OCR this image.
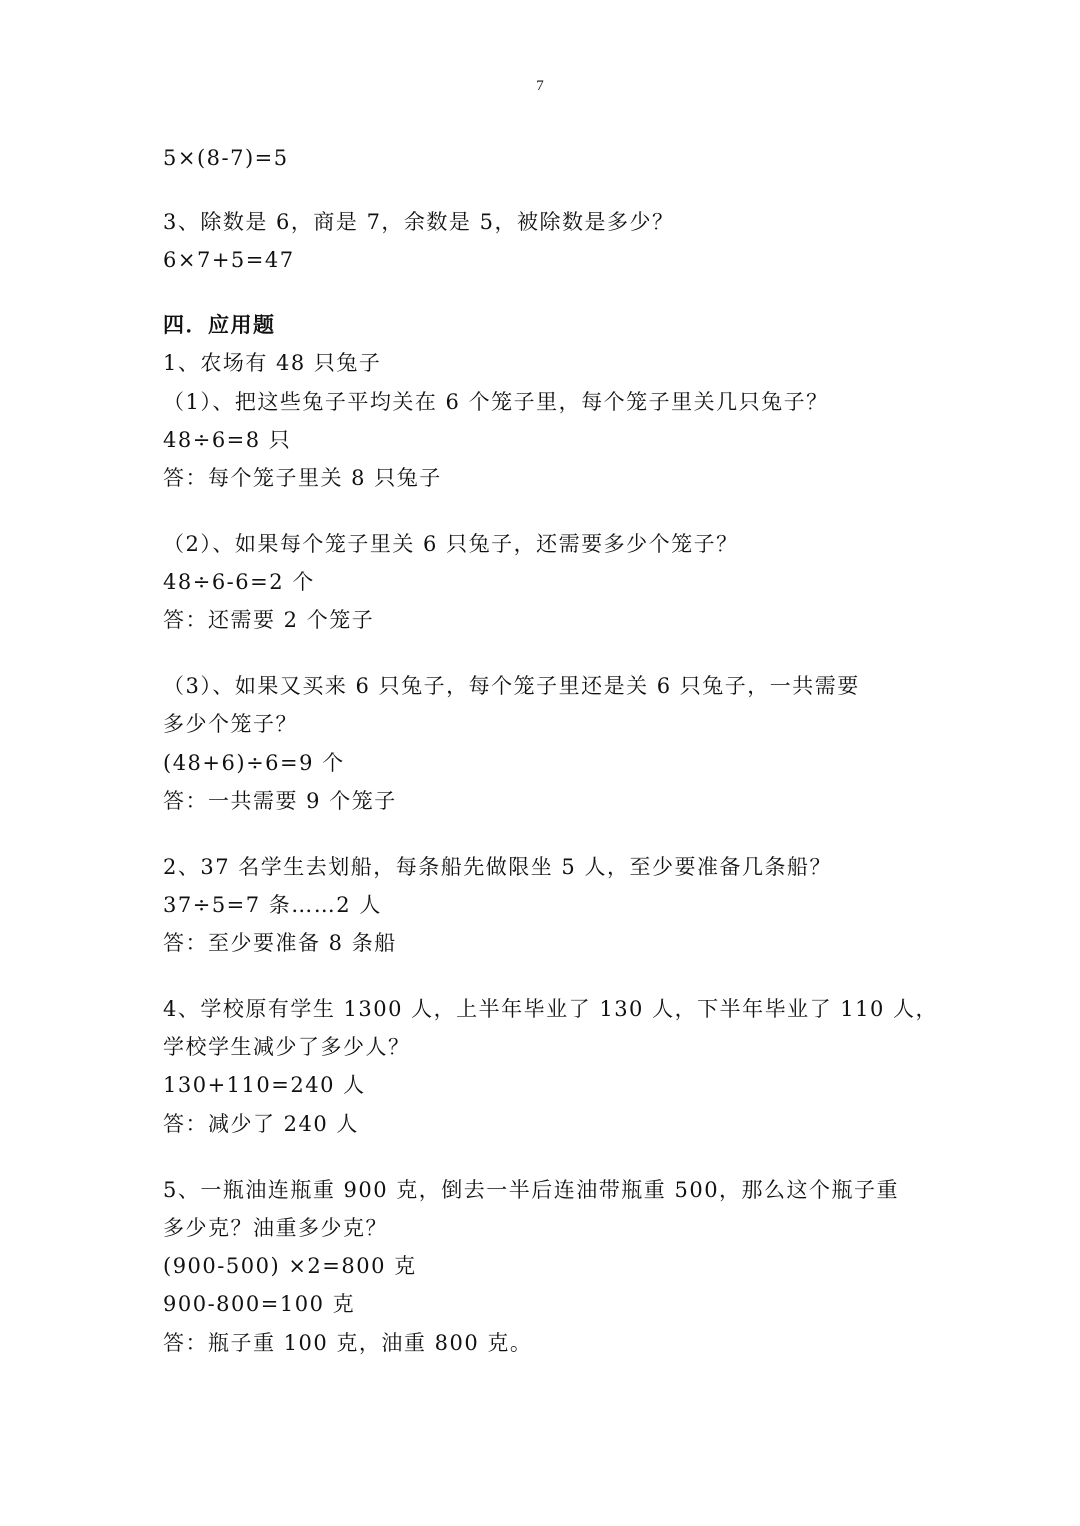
7
5×(8-7)=5
3、除数是 6，商是 7，余数是 5，被除数是多少？
6×7+5=47
四．应用题
1、农场有 48 只兔子
（1）、把这些兔子平均关在 6 个笼子里，每个笼子里关几只兔子？
48÷6=8 只
答：每个笼子里关 8 只兔子
（2）、如果每个笼子里关 6 只兔子，还需要多少个笼子？
48÷6-6=2 个
答：还需要 2 个笼子
（3）、如果又买来 6 只兔子，每个笼子里还是关 6 只兔子，一共需要
多少个笼子？
(48+6)÷6=9 个
答：一共需要 9 个笼子
2、37 名学生去划船，每条船先做限坐 5 人，至少要准备几条船？
37÷5=7 条……2 人
答：至少要准备 8 条船
4、学校原有学生 1300 人，上半年毕业了 130 人，下半年毕业了 110 人，
学校学生减少了多少人？
130+110=240 人
答：减少了 240 人
5、一瓶油连瓶重 900 克，倒去一半后连油带瓶重 500，那么这个瓶子重
多少克？油重多少克？
(900-500) ×2=800 克
900-800=100 克
答：瓶子重 100 克，油重 800 克。
